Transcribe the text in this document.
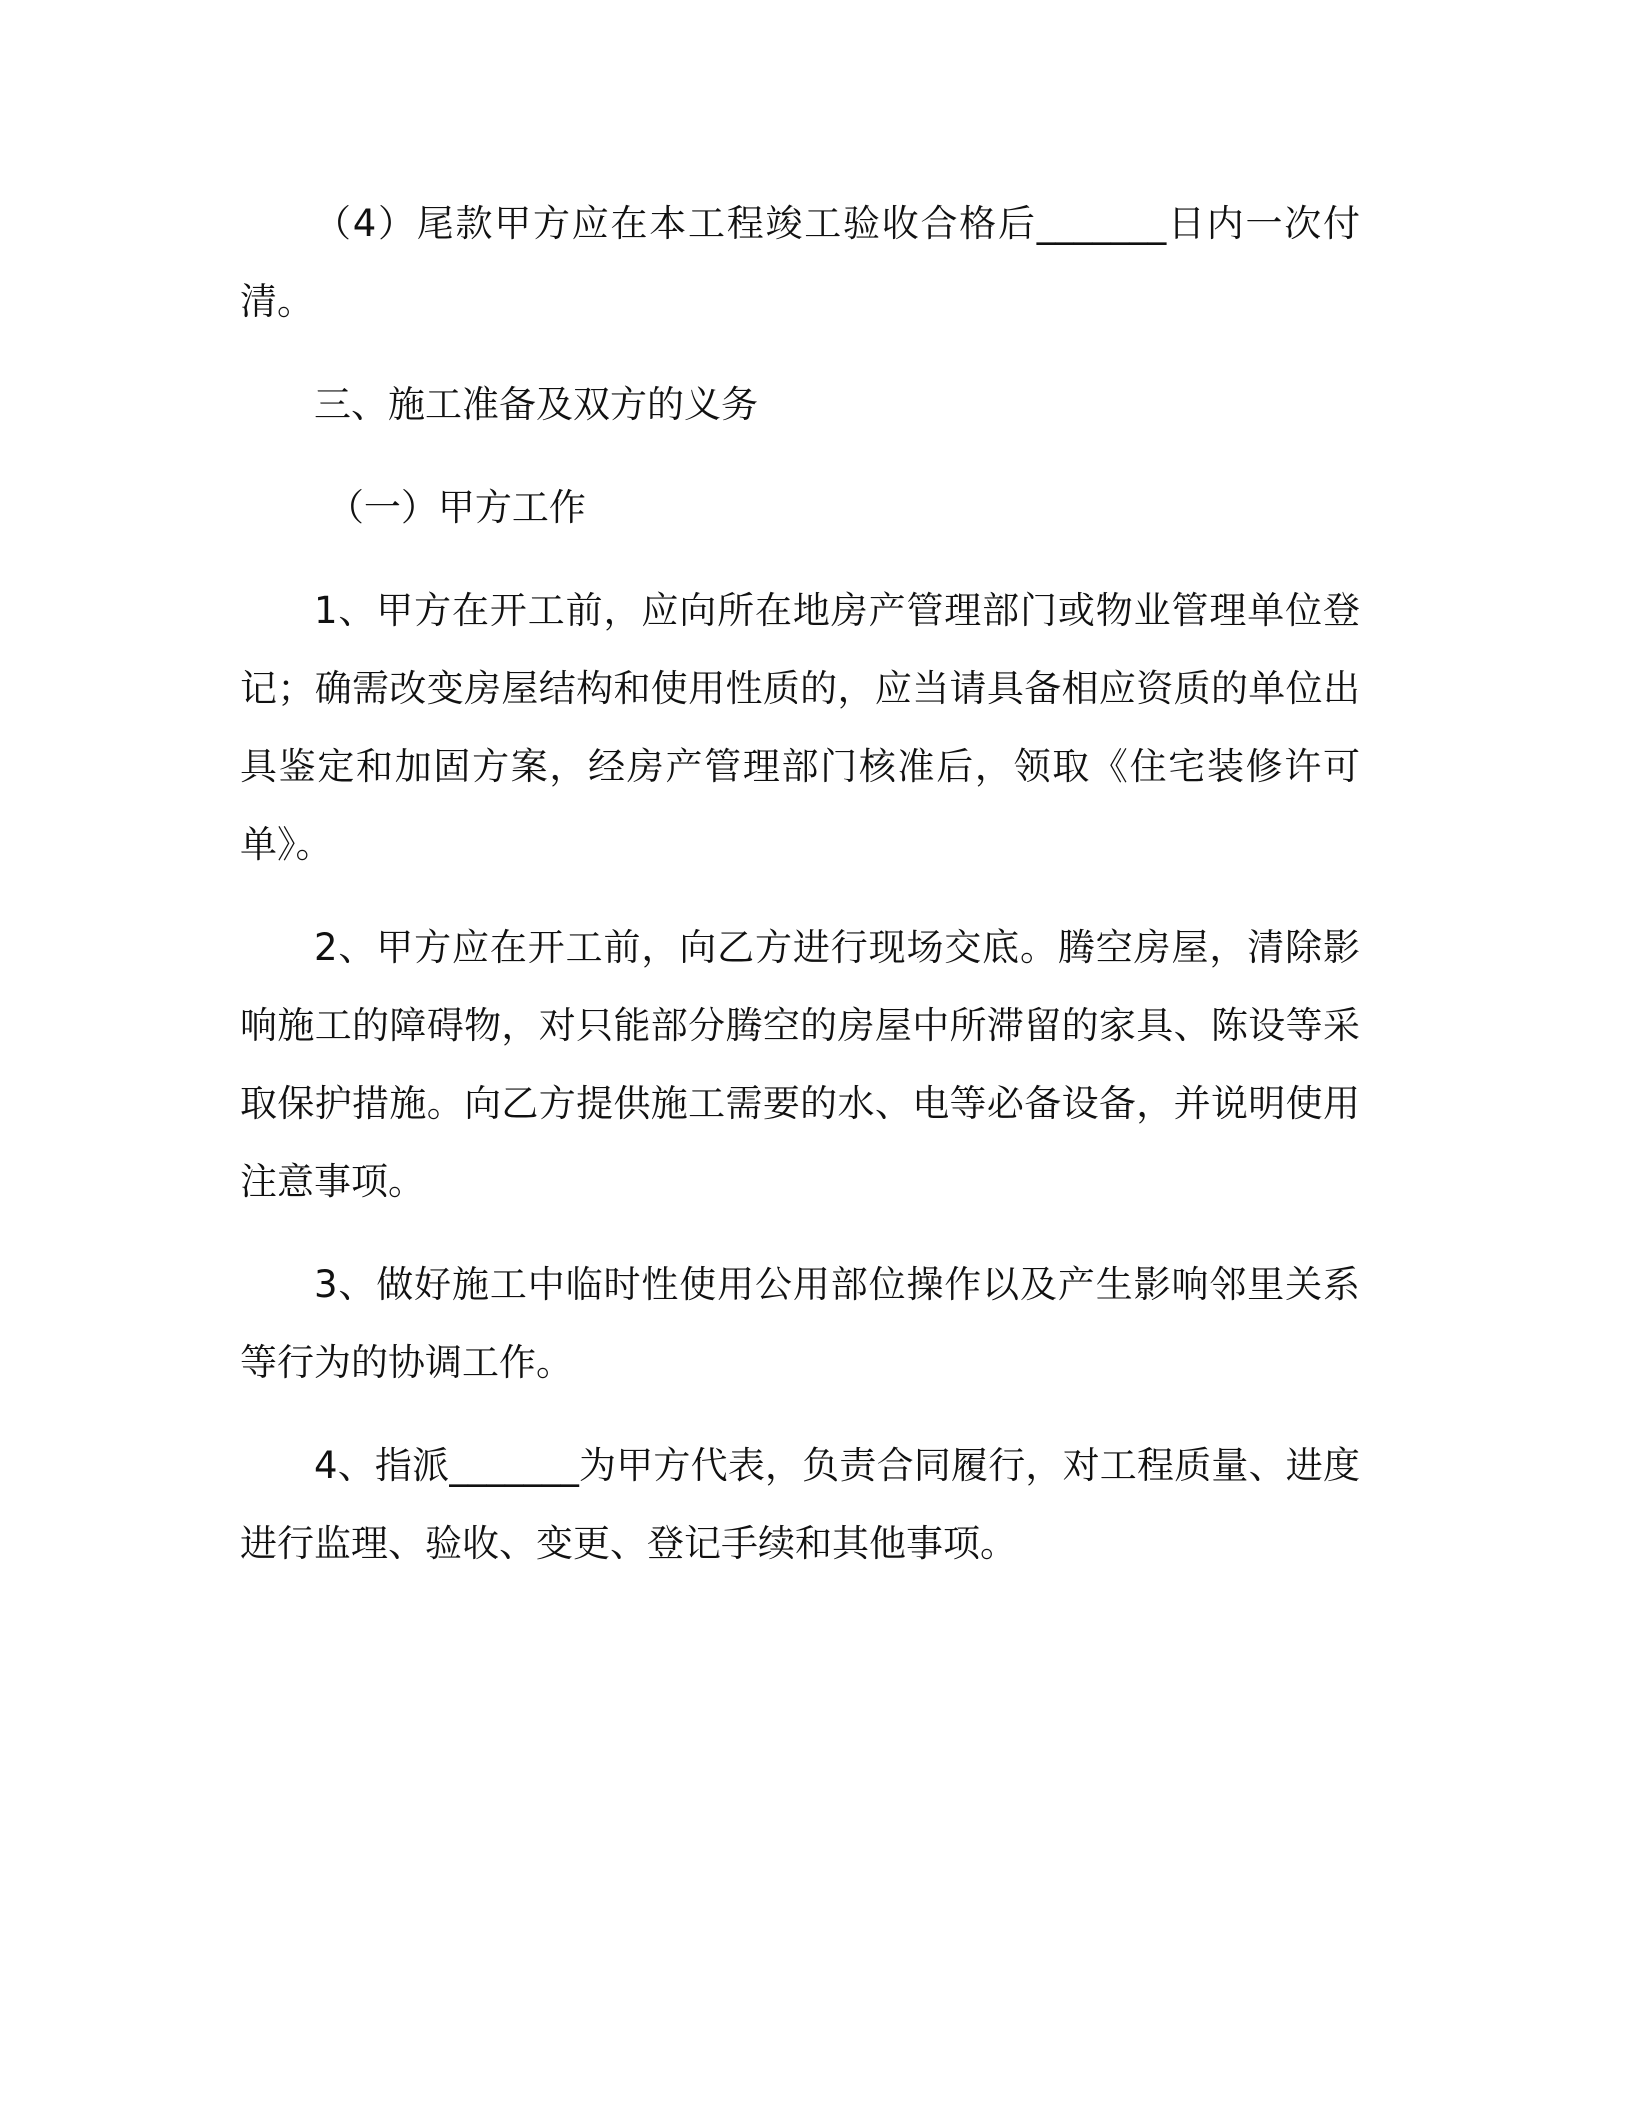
（4）尾款甲方应在本工程竣工验收合格后_______日内一次付清。

三、施工准备及双方的义务

（一）甲方工作

1、甲方在开工前，应向所在地房产管理部门或物业管理单位登记；确需改变房屋结构和使用性质的，应当请具备相应资质的单位出具鉴定和加固方案，经房产管理部门核准后，领取《住宅装修许可单》。

2、甲方应在开工前，向乙方进行现场交底。腾空房屋，清除影响施工的障碍物，对只能部分腾空的房屋中所滞留的家具、陈设等采取保护措施。向乙方提供施工需要的水、电等必备设备，并说明使用注意事项。

3、做好施工中临时性使用公用部位操作以及产生影响邻里关系等行为的协调工作。

4、指派_______为甲方代表，负责合同履行，对工程质量、进度进行监理、验收、变更、登记手续和其他事项。
